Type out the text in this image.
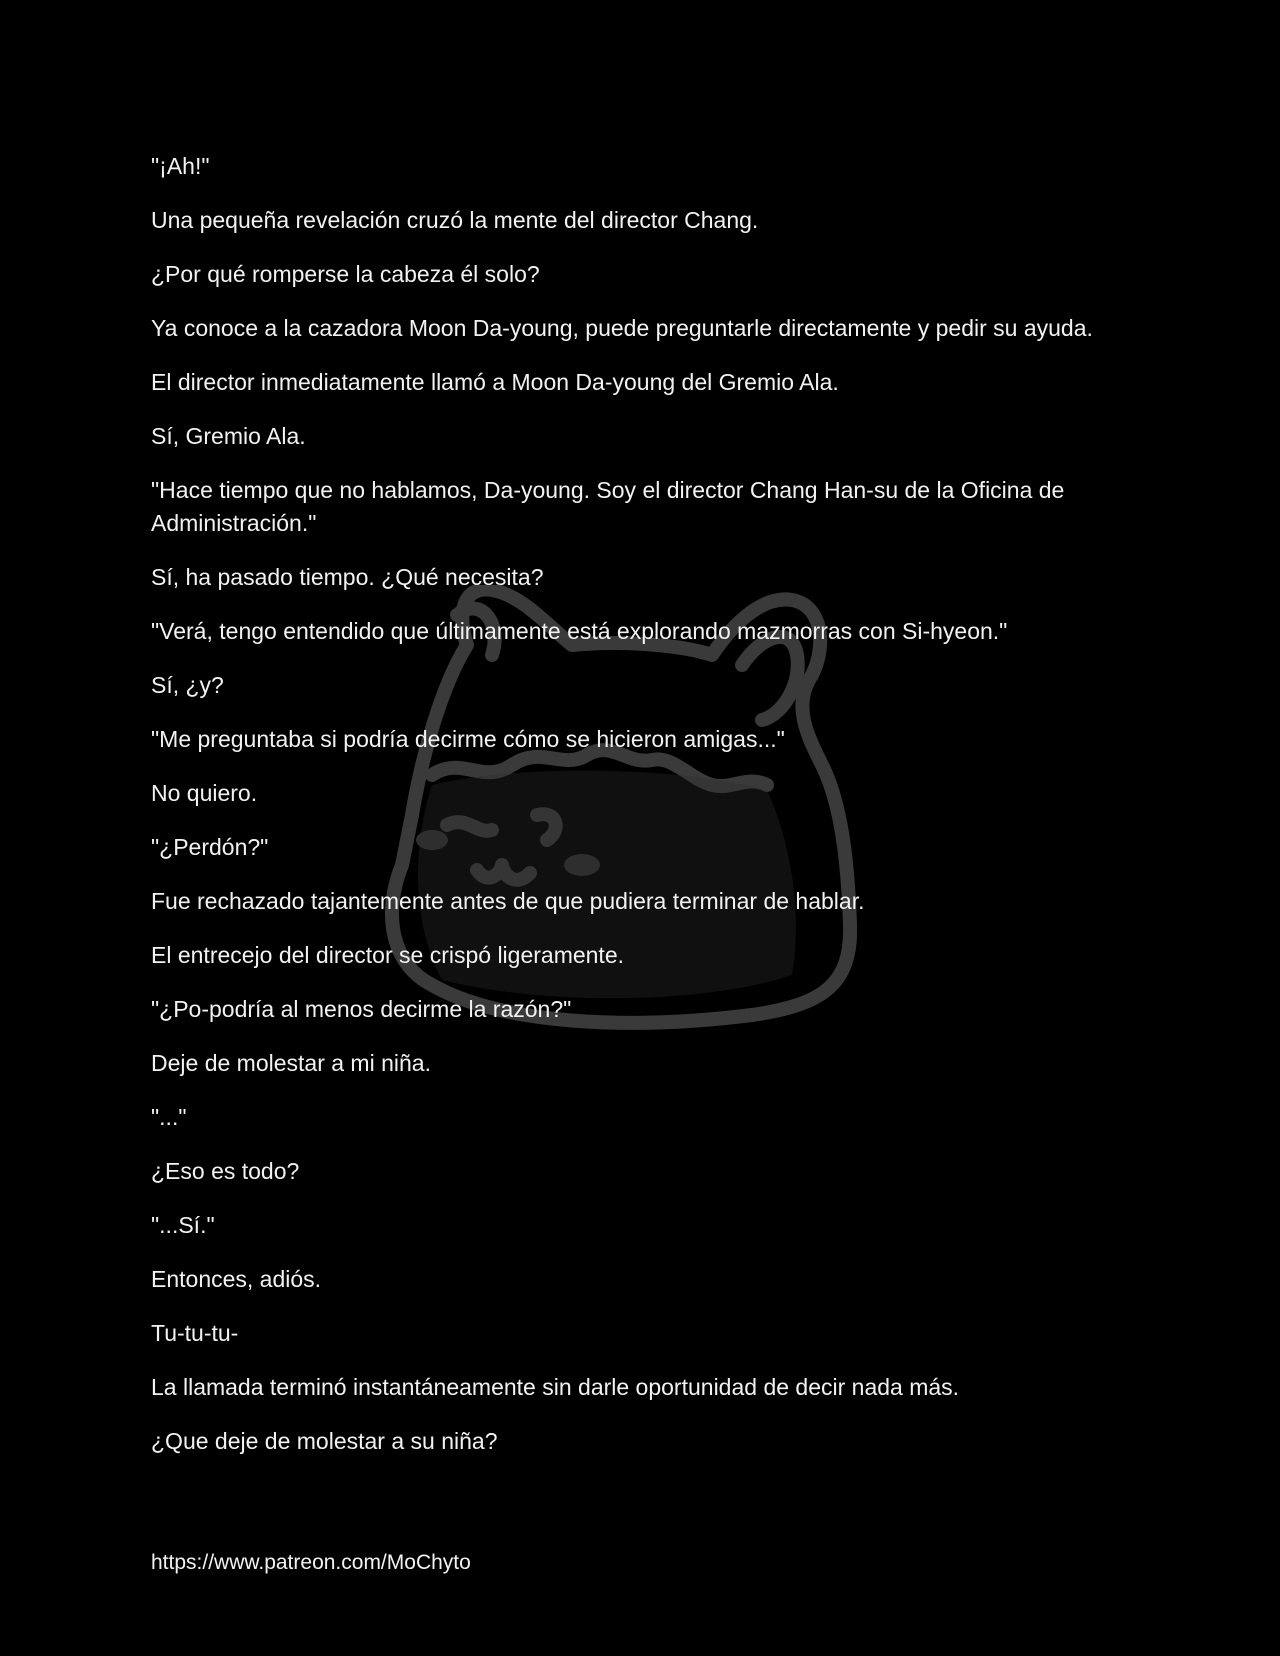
"¡Ah!"

Una pequeña revelación cruzó la mente del director Chang.

¿Por qué romperse la cabeza él solo?

Ya conoce a la cazadora Moon Da-young, puede preguntarle directamente y pedir su ayuda.

El director inmediatamente llamó a Moon Da-young del Gremio Ala.

Sí, Gremio Ala.

"Hace tiempo que no hablamos, Da-young. Soy el director Chang Han-su de la Oficina de Administración."

Sí, ha pasado tiempo. ¿Qué necesita?

"Verá, tengo entendido que últimamente está explorando mazmorras con Si-hyeon."

Sí, ¿y?

"Me preguntaba si podría decirme cómo se hicieron amigas..."

No quiero.

"¿Perdón?"

Fue rechazado tajantemente antes de que pudiera terminar de hablar.

El entrecejo del director se crispó ligeramente.

"¿Po-podría al menos decirme la razón?"

Deje de molestar a mi niña.

"..."

¿Eso es todo?

"...Sí."

Entonces, adiós.

Tu-tu-tu-

La llamada terminó instantáneamente sin darle oportunidad de decir nada más.

¿Que deje de molestar a su niña?

https://www.patreon.com/MoChyto
